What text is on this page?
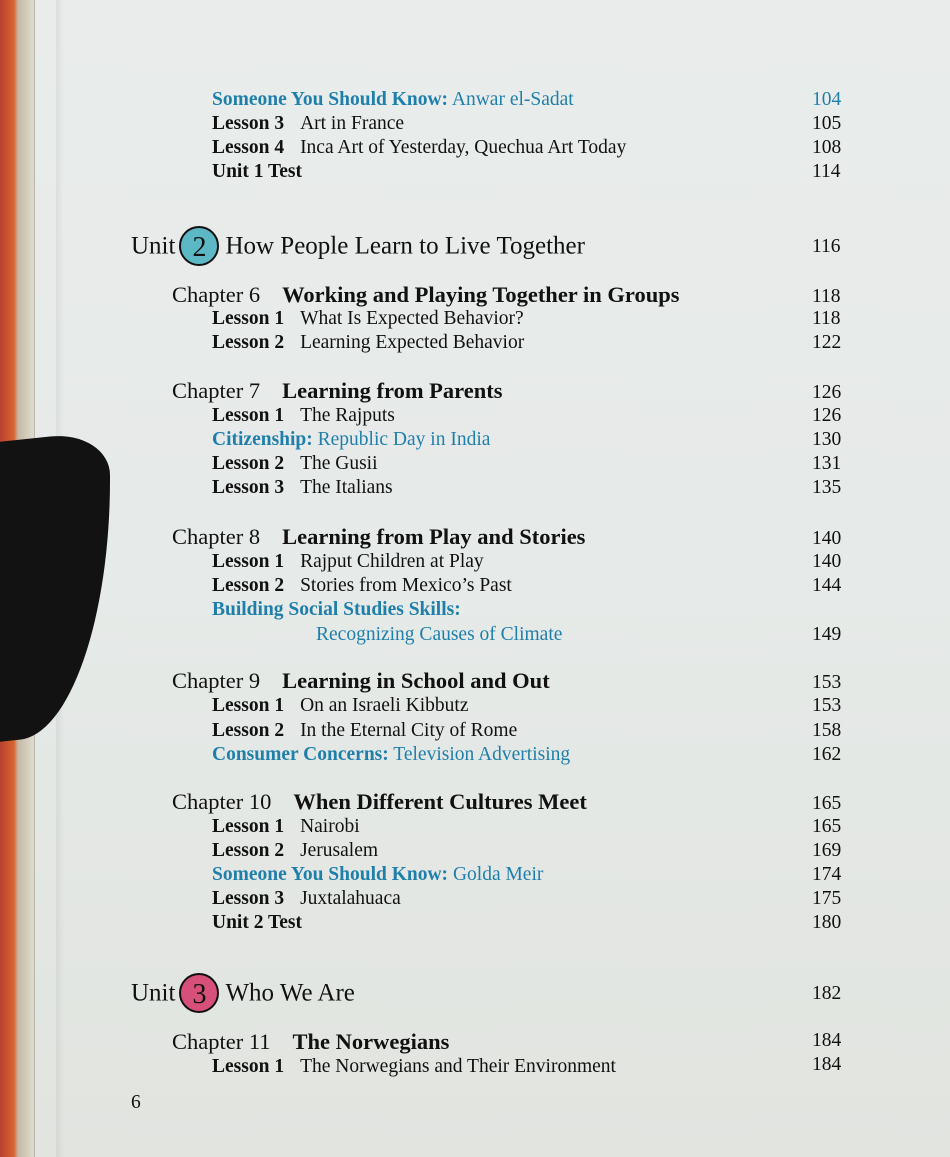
Someone You Should Know: Anwar el-Sadat	104
Lesson 3 Art in France	105
Lesson 4 Inca Art of Yesterday, Quechua Art Today	108
Unit 1 Test	114
Unit 2 How People Learn to Live Together	116
Chapter 6 Working and Playing Together in Groups	118
Lesson 1 What Is Expected Behavior?	118
Lesson 2 Learning Expected Behavior	122
Chapter 7 Learning from Parents	126
Lesson 1 The Rajputs	126
Citizenship: Republic Day in India	130
Lesson 2 The Gusii	131
Lesson 3 The Italians	135
Chapter 8 Learning from Play and Stories	140
Lesson 1 Rajput Children at Play	140
Lesson 2 Stories from Mexico’s Past	144
Building Social Studies Skills:
Recognizing Causes of Climate	149
Chapter 9 Learning in School and Out	153
Lesson 1 On an Israeli Kibbutz	153
Lesson 2 In the Eternal City of Rome	158
Consumer Concerns: Television Advertising	162
Chapter 10 When Different Cultures Meet	165
Lesson 1 Nairobi	165
Lesson 2 Jerusalem	169
Someone You Should Know: Golda Meir	174
Lesson 3 Juxtalahuaca	175
Unit 2 Test	180
Unit 3 Who We Are	182
Chapter 11 The Norwegians	184
Lesson 1 The Norwegians and Their Environment	184
6
